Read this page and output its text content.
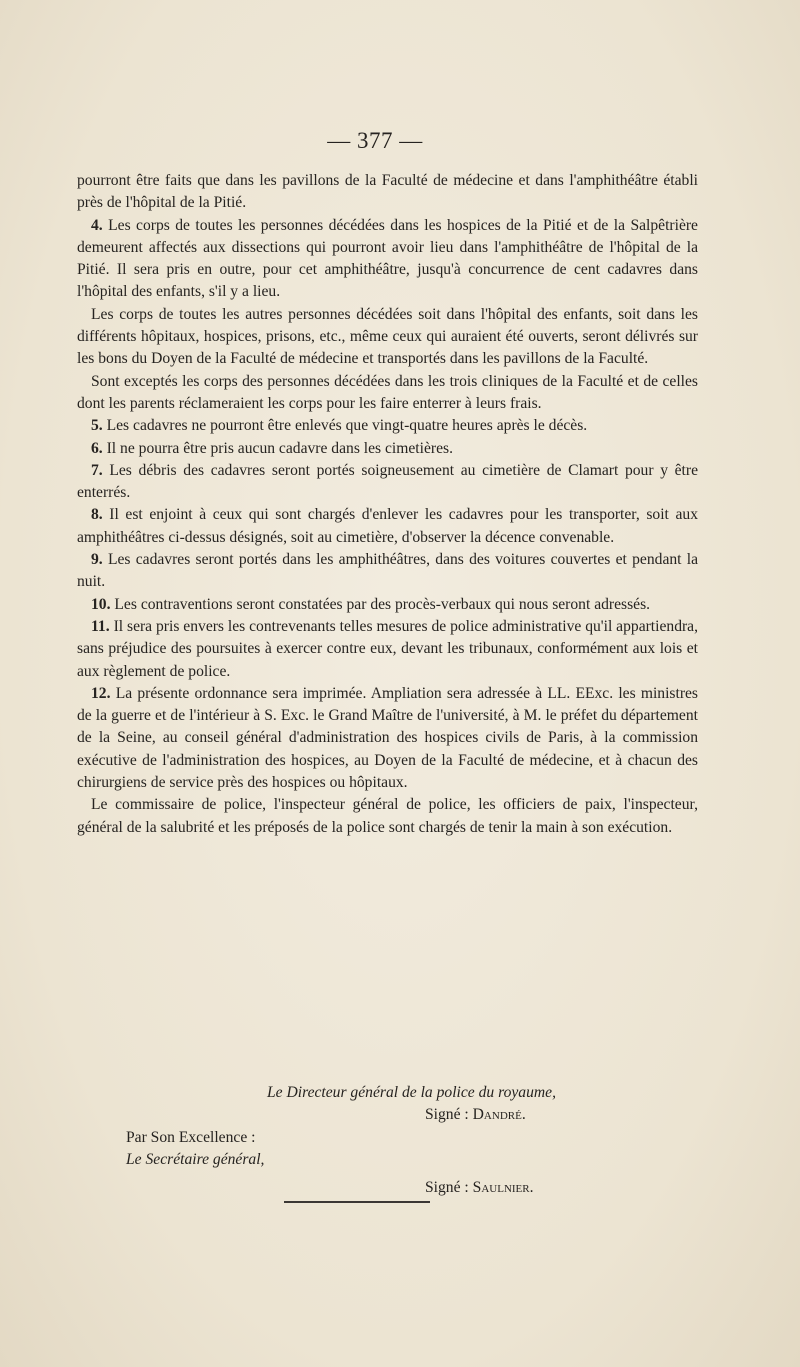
— 377 —

pourront être faits que dans les pavillons de la Faculté de médecine et dans l'amphithéâtre établi près de l'hôpital de la Pitié.

4. Les corps de toutes les personnes décédées dans les hospices de la Pitié et de la Salpêtrière demeurent affectés aux dissections qui pourront avoir lieu dans l'amphithéâtre de l'hôpital de la Pitié. Il sera pris en outre, pour cet amphithéâtre, jusqu'à concurrence de cent cadavres dans l'hôpital des enfants, s'il y a lieu.

Les corps de toutes les autres personnes décédées soit dans l'hôpital des enfants, soit dans les différents hôpitaux, hospices, prisons, etc., même ceux qui auraient été ouverts, seront délivrés sur les bons du Doyen de la Faculté de médecine et transportés dans les pavillons de la Faculté.

Sont exceptés les corps des personnes décédées dans les trois cliniques de la Faculté et de celles dont les parents réclameraient les corps pour les faire enterrer à leurs frais.

5. Les cadavres ne pourront être enlevés que vingt-quatre heures après le décès.

6. Il ne pourra être pris aucun cadavre dans les cimetières.

7. Les débris des cadavres seront portés soigneusement au cimetière de Clamart pour y être enterrés.

8. Il est enjoint à ceux qui sont chargés d'enlever les cadavres pour les transporter, soit aux amphithéâtres ci-dessus désignés, soit au cimetière, d'observer la décence convenable.

9. Les cadavres seront portés dans les amphithéâtres, dans des voitures couvertes et pendant la nuit.

10. Les contraventions seront constatées par des procès-verbaux qui nous seront adressés.

11. Il sera pris envers les contrevenants telles mesures de police administrative qu'il appartiendra, sans préjudice des poursuites à exercer contre eux, devant les tribunaux, conformément aux lois et aux règlement de police.

12. La présente ordonnance sera imprimée. Ampliation sera adressée à LL. EExc. les ministres de la guerre et de l'intérieur à S. Exc. le Grand Maître de l'université, à M. le préfet du département de la Seine, au conseil général d'administration des hospices civils de Paris, à la commission exécutive de l'administration des hospices, au Doyen de la Faculté de médecine, et à chacun des chirurgiens de service près des hospices ou hôpitaux.

Le commissaire de police, l'inspecteur général de police, les officiers de paix, l'inspecteur, général de la salubrité et les préposés de la police sont chargés de tenir la main à son exécution.

Le Directeur général de la police du royaume,
Signé : Dandré.
Par Son Excellence :
Le Secrétaire général,
Signé : Saulnier.
